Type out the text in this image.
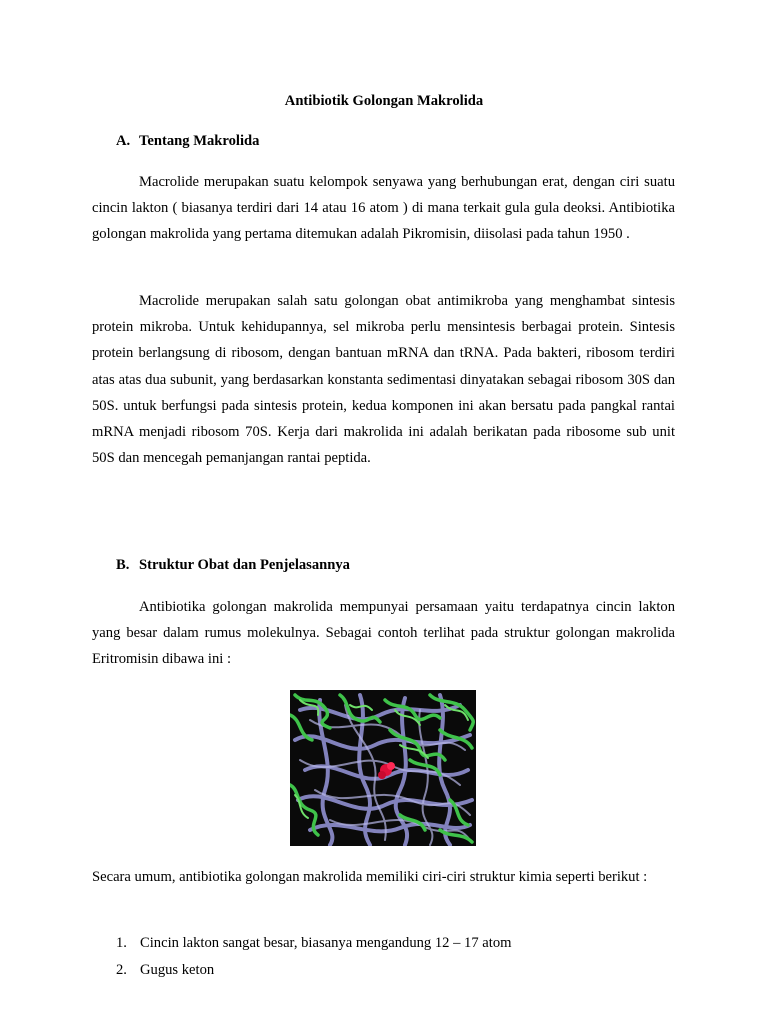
Antibiotik Golongan Makrolida
A. Tentang Makrolida

Macrolide merupakan suatu kelompok senyawa yang berhubungan erat, dengan ciri suatu cincin lakton ( biasanya terdiri dari 14 atau 16 atom ) di mana terkait gula gula deoksi. Antibiotika golongan makrolida yang pertama ditemukan adalah Pikromisin, diisolasi pada tahun 1950 .

Macrolide merupakan salah satu golongan obat antimikroba yang menghambat sintesis protein mikroba. Untuk kehidupannya, sel mikroba perlu mensintesis berbagai protein. Sintesis protein berlangsung di ribosom, dengan bantuan mRNA dan tRNA. Pada bakteri, ribosom terdiri atas atas dua subunit, yang berdasarkan konstanta sedimentasi dinyatakan sebagai ribosom 30S dan 50S. untuk berfungsi pada sintesis protein, kedua komponen ini akan bersatu pada pangkal rantai mRNA menjadi ribosom 70S. Kerja dari makrolida ini adalah berikatan pada ribosome sub unit 50S dan mencegah pemanjangan rantai peptida.

B. Struktur Obat dan Penjelasannya

Antibiotika golongan makrolida mempunyai persamaan yaitu terdapatnya cincin lakton yang besar dalam rumus molekulnya. Sebagai contoh terlihat pada struktur golongan makrolida Eritromisin dibawa ini :

Secara umum, antibiotika golongan makrolida memiliki ciri-ciri struktur kimia seperti berikut :

1. Cincin lakton sangat besar, biasanya mengandung 12 – 17 atom
2. Gugus keton
